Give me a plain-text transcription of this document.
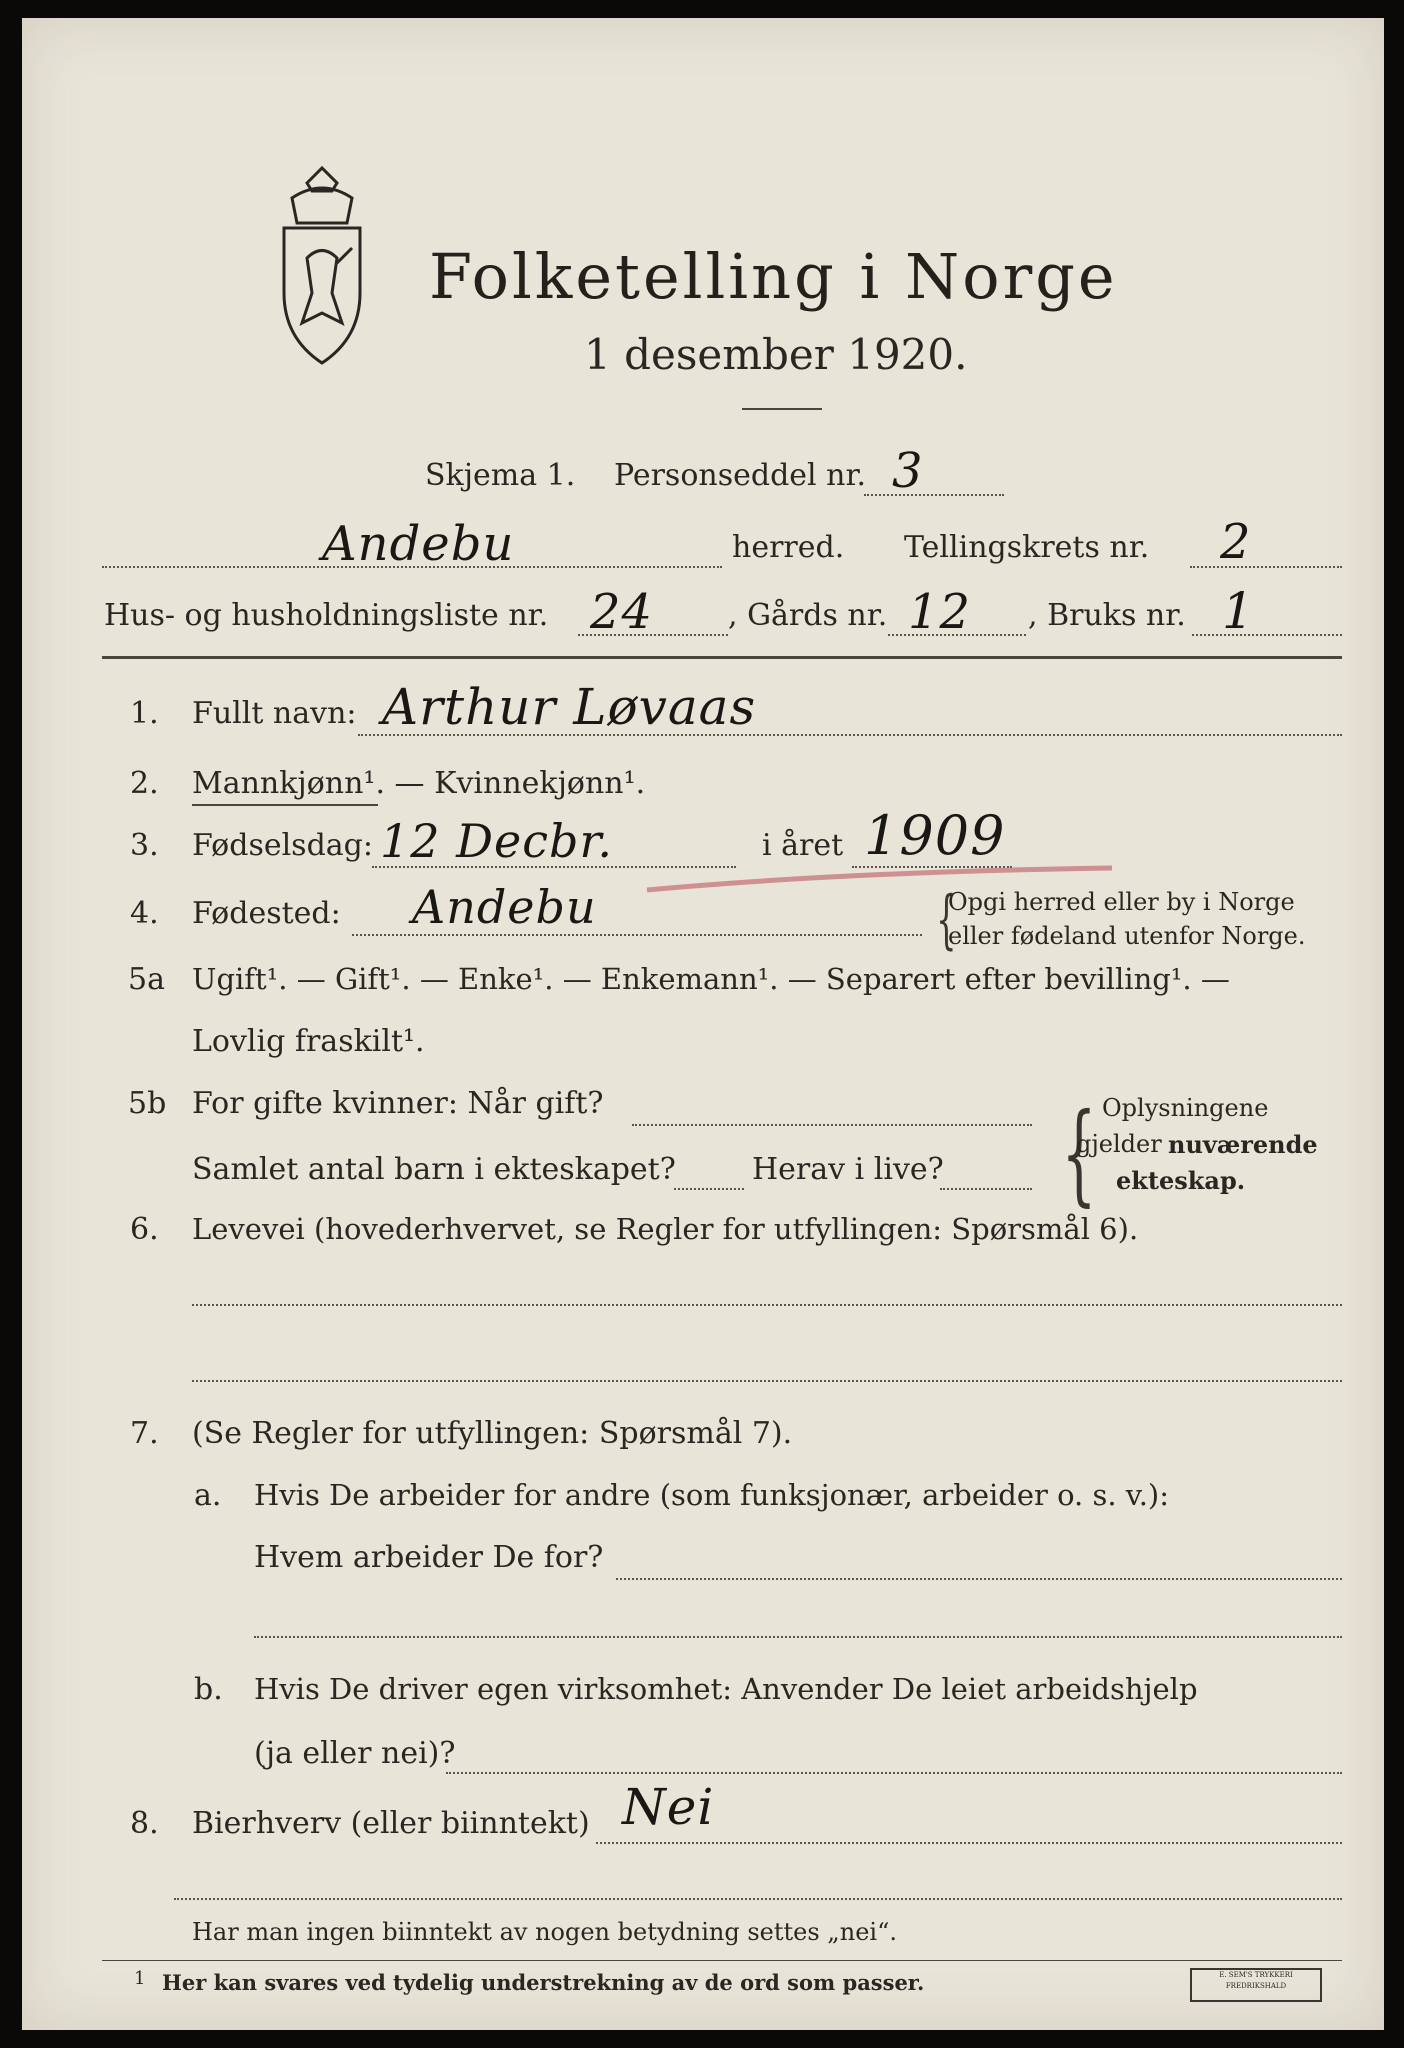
Folketelling i Norge
1 desember 1920.
Skjema 1. Personseddel nr. 3
Andebu	herred. Tellingskrets nr. 2
Hus- og husholdningsliste nr. 24 , Gårds nr. 12 , Bruks nr. 1
1. Fullt navn: Arthur Løvaas
2. Mannkjønn¹. — Kvinnekjønn¹.
3. Fødselsdag: 12 Decbr.	i året 1909
4. Fødested: Andebu	{
Opgi herred eller by i Norge
eller fødeland utenfor Norge.
5a Ugift¹. — Gift¹. — Enke¹. — Enkemann¹. — Separert efter bevilling¹. —
Lovlig fraskilt¹.
5b For gifte kvinner: Når gift?
Samlet antal barn i ekteskapet?	Herav i live? { Oplysningene
gjelder nuværende
ekteskap.
6. Levevei (hovederhvervet, se Regler for utfyllingen: Spørsmål 6).
7. (Se Regler for utfyllingen: Spørsmål 7).
a. Hvis De arbeider for andre (som funksjonær, arbeider o. s. v.):
Hvem arbeider De for?
b. Hvis De driver egen virksomhet: Anvender De leiet arbeidshjelp
(ja eller nei)?
8. Bierhverv (eller biinntekt) Nei
Har man ingen biinntekt av nogen betydning settes „nei“.
1 Her kan svares ved tydelig understrekning av de ord som passer.	E. SEM'S TRYKKERI
FREDRIKSHALD
